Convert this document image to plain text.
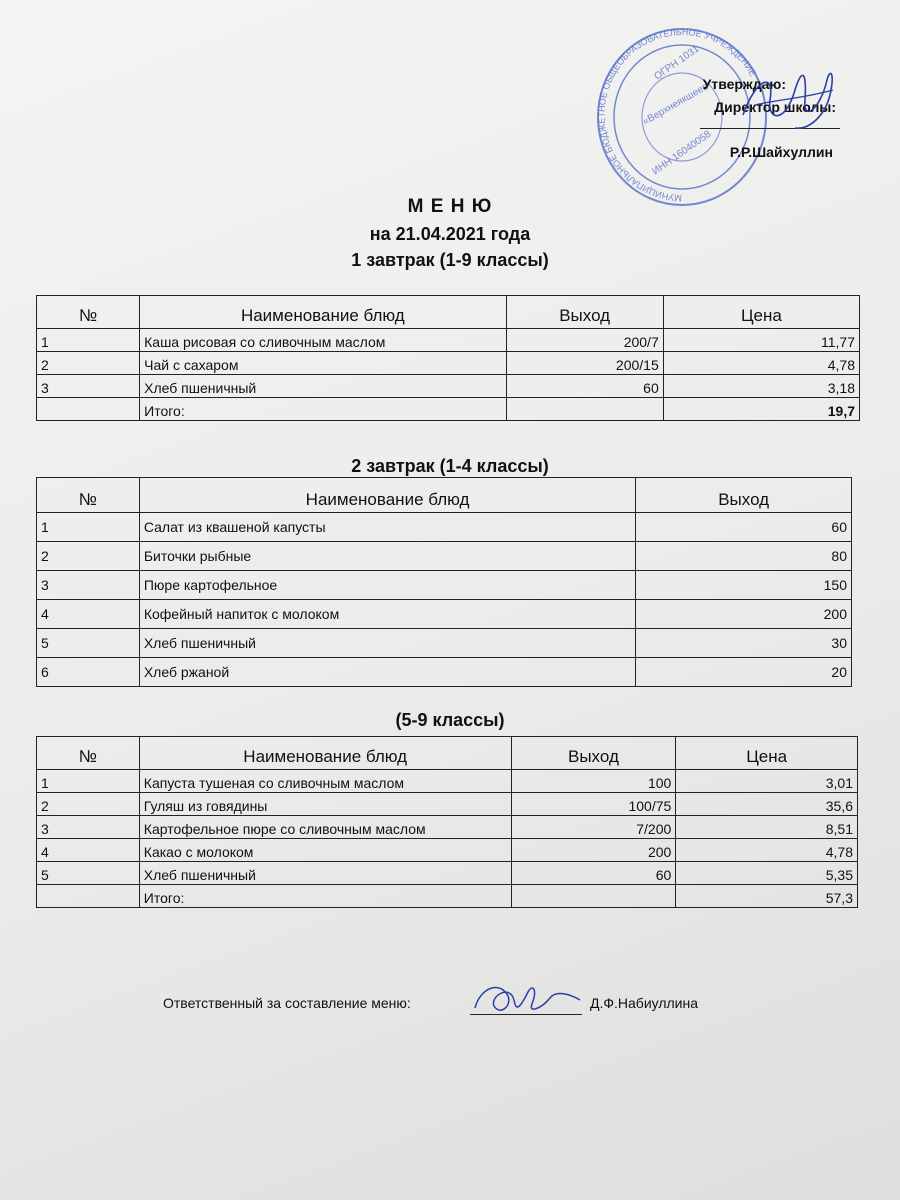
МУНИЦИПАЛЬНОЕ БЮДЖЕТНОЕ ОБЩЕОБРАЗОВАТЕЛЬНОЕ УЧРЕЖДЕНИЕ
ОГРН 1031
«Верхнеякшеев
ИНН 16040058
Утверждаю:
Директор школы:
Р.Р.Шайхуллин
М Е Н Ю
на 21.04.2021 года
1 завтрак (1-9 классы)
№	Наименование блюд	Выход	Цена
1	Каша рисовая со сливочным маслом	200/7	11,77
2	Чай с сахаром	200/15	4,78
3	Хлеб пшеничный	60	3,18
	Итого:		19,7
2 завтрак (1-4 классы)
№	Наименование блюд	Выход
1	Салат из квашеной капусты	60
2	Биточки рыбные	80
3	Пюре картофельное	150
4	Кофейный напиток с молоком	200
5	Хлеб пшеничный	30
6	Хлеб ржаной	20
(5-9 классы)
№	Наименование блюд	Выход	Цена
1	Капуста тушеная со сливочным маслом	100	3,01
2	Гуляш из говядины	100/75	35,6
3	Картофельное пюре со сливочным маслом	7/200	8,51
4	Какао с молоком	200	4,78
5	Хлеб пшеничный	60	5,35
	Итого:		57,3
Ответственный за составление меню:	Д.Ф.Набиуллина
